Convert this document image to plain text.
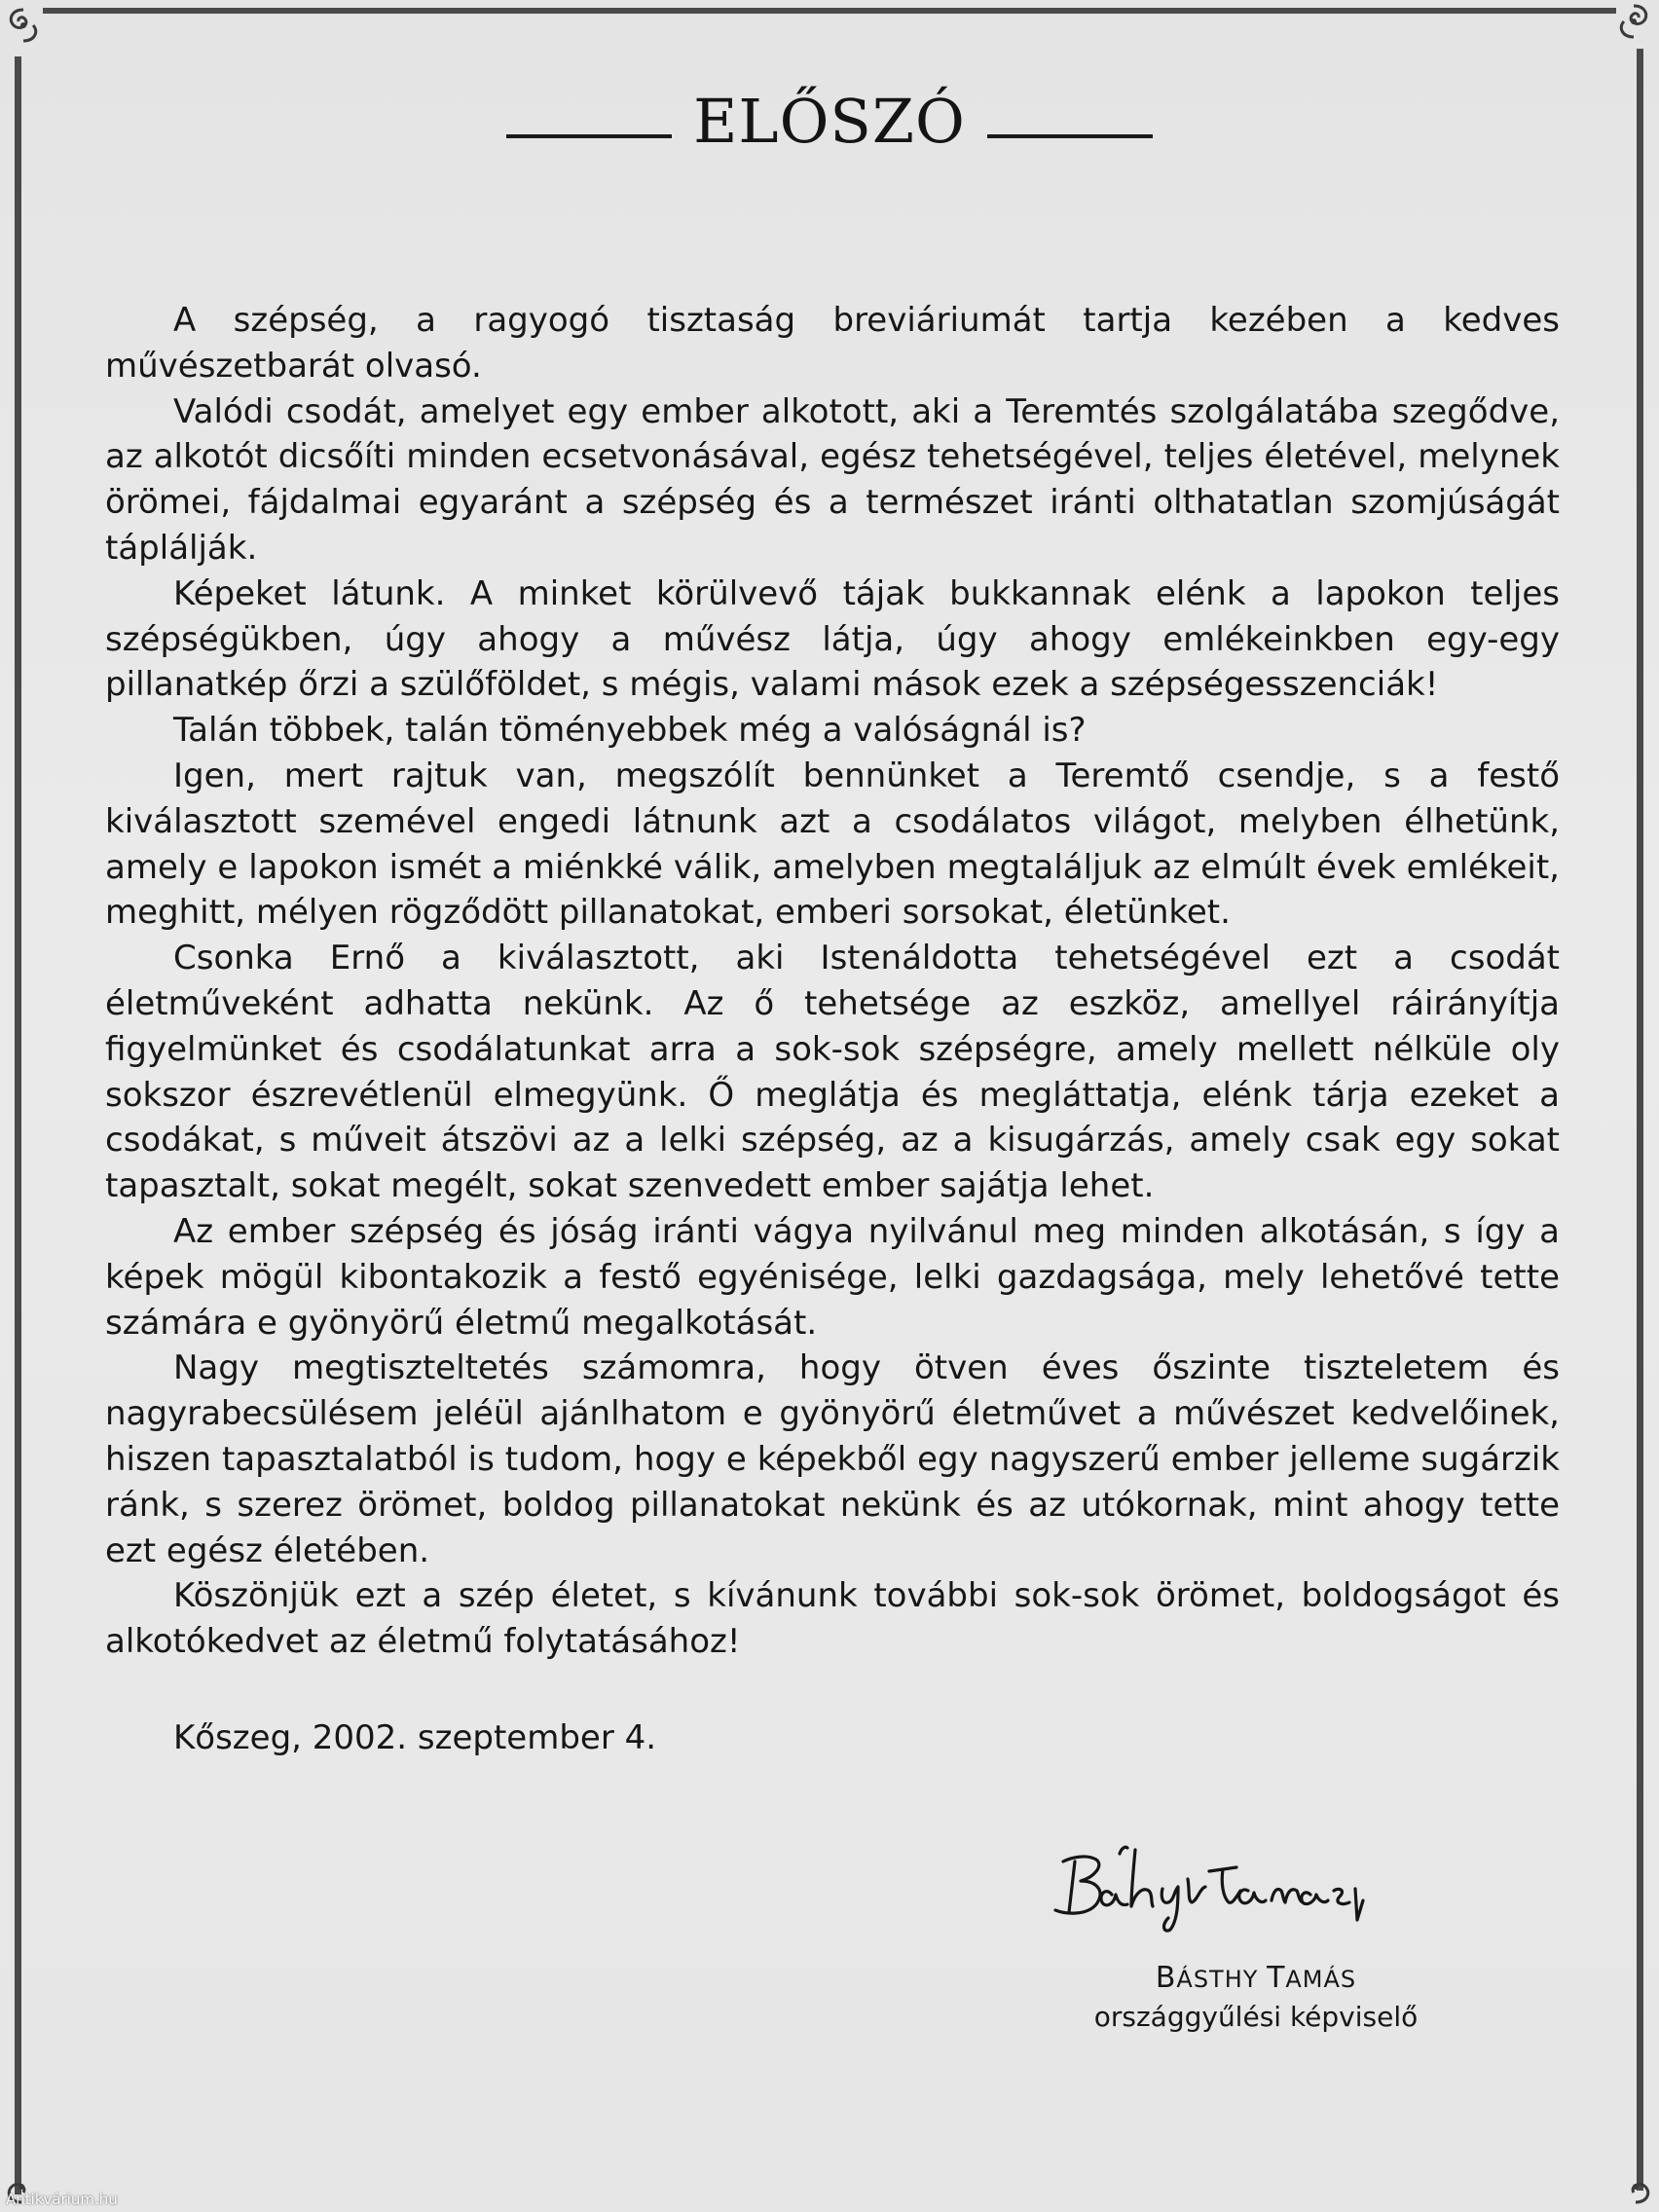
ELŐSZÓ

A szépség, a ragyogó tisztaság breviáriumát tartja kezében a kedves művészetbarát olvasó.

Valódi csodát, amelyet egy ember alkotott, aki a Teremtés szolgálatába szegődve, az alkotót dicsőíti minden ecsetvonásával, egész tehetségével, teljes életével, melynek örömei, fájdalmai egyaránt a szépség és a természet iránti olthatatlan szomjúságát táplálják.

Képeket látunk. A minket körülvevő tájak bukkannak elénk a lapokon teljes szépségükben, úgy ahogy a művész látja, úgy ahogy emlékeinkben egy-egy pillanatkép őrzi a szülőföldet, s mégis, valami mások ezek a szépségesszenciák!

Talán többek, talán töményebbek még a valóságnál is?

Igen, mert rajtuk van, megszólít bennünket a Teremtő csendje, s a festő kiválasztott szemével engedi látnunk azt a csodálatos világot, melyben élhetünk, amely e lapokon ismét a miénkké válik, amelyben megtaláljuk az elmúlt évek emlékeit, meghitt, mélyen rögződött pillanatokat, emberi sorsokat, életünket.

Csonka Ernő a kiválasztott, aki Istenáldotta tehetségével ezt a csodát életműveként adhatta nekünk. Az ő tehetsége az eszköz, amellyel ráirányítja figyelmünket és csodálatunkat arra a sok-sok szépségre, amely mellett nélküle oly sokszor észrevétlenül elmegyünk. Ő meglátja és megláttatja, elénk tárja ezeket a csodákat, s műveit átszövi az a lelki szépség, az a kisugárzás, amely csak egy sokat tapasztalt, sokat megélt, sokat szenvedett ember sajátja lehet.

Az ember szépség és jóság iránti vágya nyilvánul meg minden alkotásán, s így a képek mögül kibontakozik a festő egyénisége, lelki gazdagsága, mely lehetővé tette számára e gyönyörű életmű megalkotását.

Nagy megtiszteltetés számomra, hogy ötven éves őszinte tiszteletem és nagyrabecsülésem jeléül ajánlhatom e gyönyörű életművet a művészet kedvelőinek, hiszen tapasztalatból is tudom, hogy e képekből egy nagyszerű ember jelleme sugárzik ránk, s szerez örömet, boldog pillanatokat nekünk és az utókornak, mint ahogy tette ezt egész életében.

Köszönjük ezt a szép életet, s kívánunk további sok-sok örömet, boldogságot és alkotókedvet az életmű folytatásához!

Kőszeg, 2002. szeptember 4.

BÁSTHY TAMÁS
országgyűlési képviselő
Antikvárium.hu
